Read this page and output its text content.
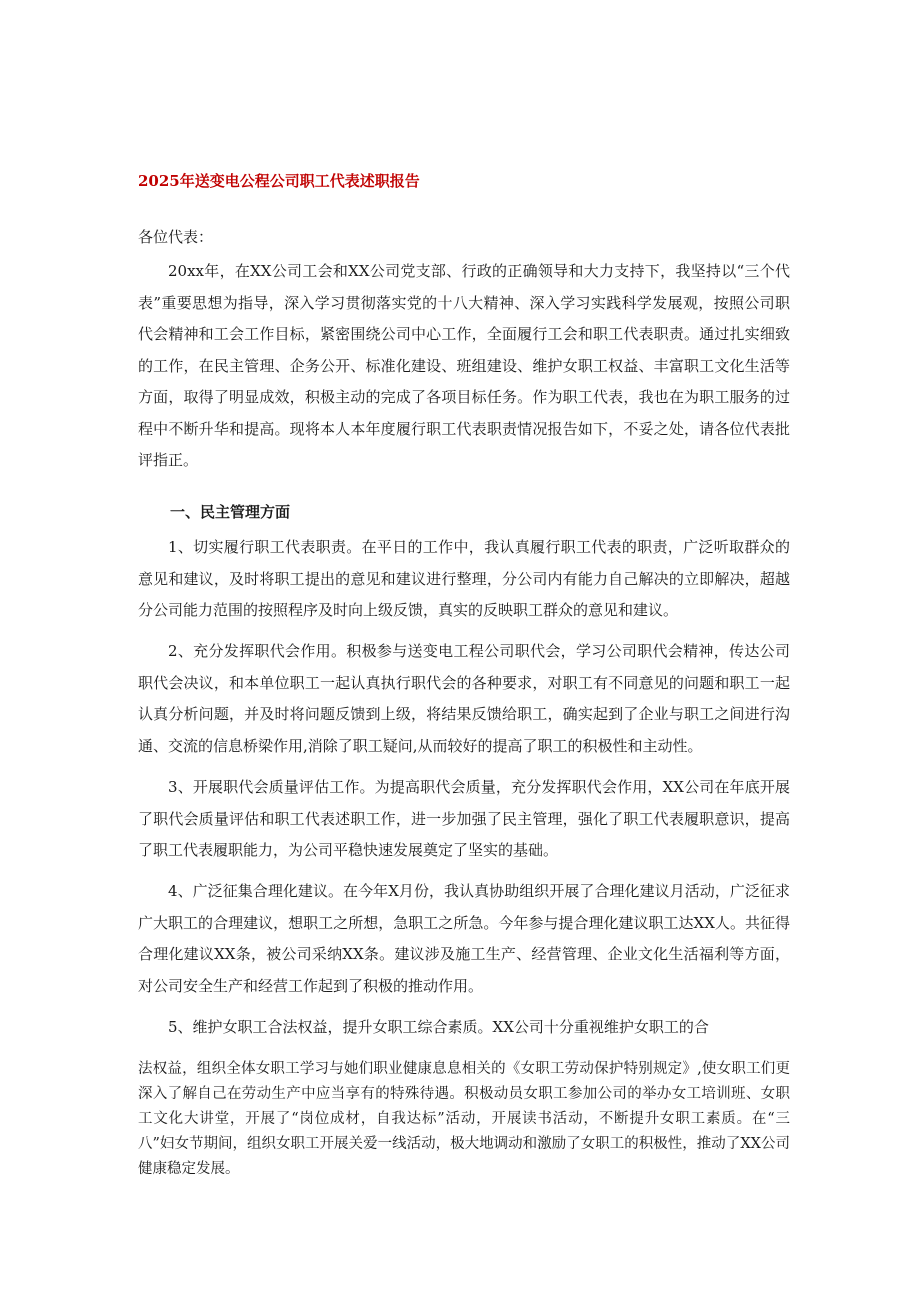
2025年送变电公程公司职工代表述职报告
各位代表：

20xx年，在XX公司工会和XX公司党支部、行政的正确领导和大力支持下，我坚持以“三个代表”重要思想为指导，深入学习贯彻落实党的十八大精神、深入学习实践科学发展观，按照公司职代会精神和工会工作目标，紧密围绕公司中心工作，全面履行工会和职工代表职责。通过扎实细致的工作，在民主管理、企务公开、标准化建设、班组建设、维护女职工权益、丰富职工文化生活等方面，取得了明显成效，积极主动的完成了各项目标任务。作为职工代表，我也在为职工服务的过程中不断升华和提高。现将本人本年度履行职工代表职责情况报告如下，不妥之处，请各位代表批评指正。

一、民主管理方面

1、切实履行职工代表职责。在平日的工作中，我认真履行职工代表的职责，广泛听取群众的意见和建议，及时将职工提出的意见和建议进行整理，分公司内有能力自己解决的立即解决，超越分公司能力范围的按照程序及时向上级反馈，真实的反映职工群众的意见和建议。

2、充分发挥职代会作用。积极参与送变电工程公司职代会，学习公司职代会精神，传达公司职代会决议，和本单位职工一起认真执行职代会的各种要求，对职工有不同意见的问题和职工一起认真分析问题，并及时将问题反馈到上级，将结果反馈给职工，确实起到了企业与职工之间进行沟通、交流的信息桥梁作用,消除了职工疑问,从而较好的提高了职工的积极性和主动性。

3、开展职代会质量评估工作。为提高职代会质量，充分发挥职代会作用，XX公司在年底开展了职代会质量评估和职工代表述职工作，进一步加强了民主管理，强化了职工代表履职意识，提高了职工代表履职能力，为公司平稳快速发展奠定了坚实的基础。

4、广泛征集合理化建议。在今年X月份，我认真协助组织开展了合理化建议月活动，广泛征求广大职工的合理建议，想职工之所想，急职工之所急。今年参与提合理化建议职工达XX人。共征得合理化建议XX条，被公司采纳XX条。建议涉及施工生产、经营管理、企业文化生活福利等方面，对公司安全生产和经营工作起到了积极的推动作用。

5、维护女职工合法权益，提升女职工综合素质。XX公司十分重视维护女职工的合

法权益，组织全体女职工学习与她们职业健康息息相关的《女职工劳动保护特别规定》,使女职工们更深入了解自己在劳动生产中应当享有的特殊待遇。积极动员女职工参加公司的举办女工培训班、女职工文化大讲堂，开展了“岗位成材，自我达标”活动，开展读书活动，不断提升女职工素质。在“三八”妇女节期间，组织女职工开展关爱一线活动，极大地调动和激励了女职工的积极性，推动了XX公司健康稳定发展。
